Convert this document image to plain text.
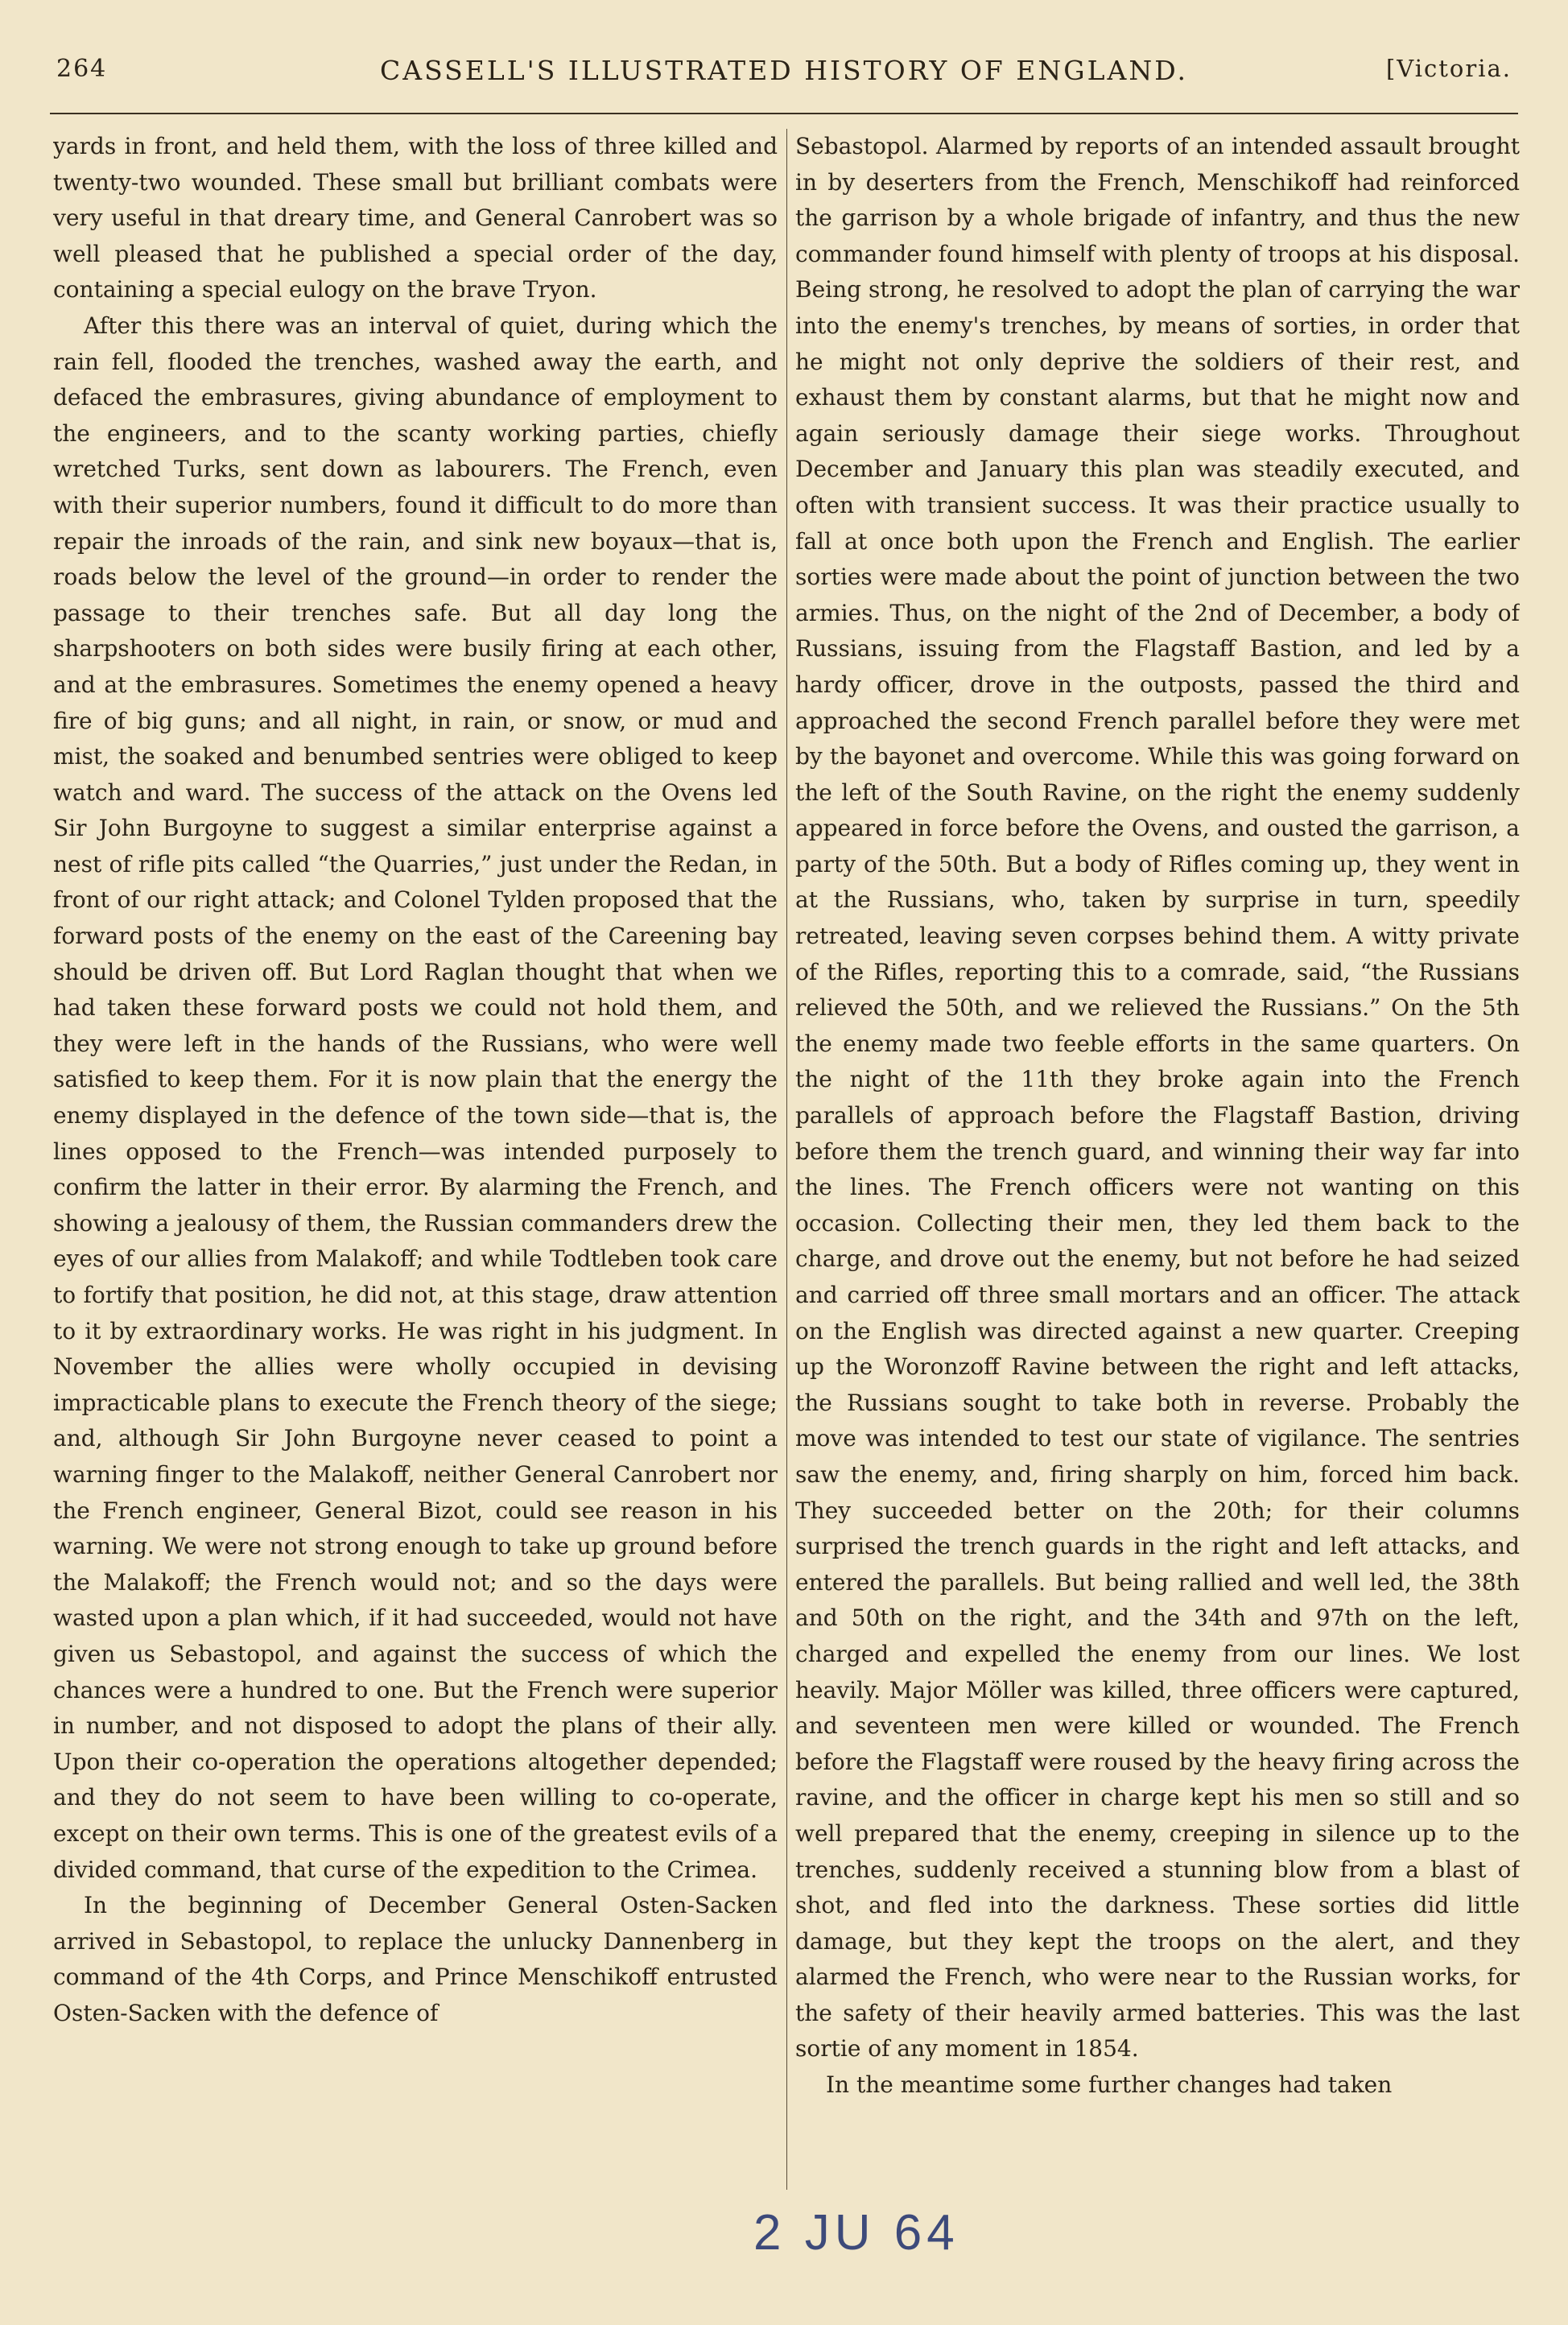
264	CASSELL'S ILLUSTRATED HISTORY OF ENGLAND.	[Victoria.

yards in front, and held them, with the loss of three killed and twenty-two wounded. These small but brilliant combats were very useful in that dreary time, and General Canrobert was so well pleased that he published a special order of the day, containing a special eulogy on the brave Tryon.

After this there was an interval of quiet, during which the rain fell, flooded the trenches, washed away the earth, and defaced the embrasures, giving abundance of employment to the engineers, and to the scanty working parties, chiefly wretched Turks, sent down as labourers. The French, even with their superior numbers, found it difficult to do more than repair the inroads of the rain, and sink new boyaux—that is, roads below the level of the ground—in order to render the passage to their trenches safe. But all day long the sharpshooters on both sides were busily firing at each other, and at the embrasures. Sometimes the enemy opened a heavy fire of big guns; and all night, in rain, or snow, or mud and mist, the soaked and benumbed sentries were obliged to keep watch and ward. The success of the attack on the Ovens led Sir John Burgoyne to suggest a similar enterprise against a nest of rifle pits called “the Quarries,” just under the Redan, in front of our right attack; and Colonel Tylden proposed that the forward posts of the enemy on the east of the Careening bay should be driven off. But Lord Raglan thought that when we had taken these forward posts we could not hold them, and they were left in the hands of the Russians, who were well satisfied to keep them. For it is now plain that the energy the enemy displayed in the defence of the town side—that is, the lines opposed to the French—was intended purposely to confirm the latter in their error. By alarming the French, and showing a jealousy of them, the Russian commanders drew the eyes of our allies from Malakoff; and while Todtleben took care to fortify that position, he did not, at this stage, draw attention to it by extraordinary works. He was right in his judgment. In November the allies were wholly occupied in devising impracticable plans to execute the French theory of the siege; and, although Sir John Burgoyne never ceased to point a warning finger to the Malakoff, neither General Canrobert nor the French engineer, General Bizot, could see reason in his warning. We were not strong enough to take up ground before the Malakoff; the French would not; and so the days were wasted upon a plan which, if it had succeeded, would not have given us Sebastopol, and against the success of which the chances were a hundred to one. But the French were superior in number, and not disposed to adopt the plans of their ally. Upon their co-operation the operations altogether depended; and they do not seem to have been willing to co-operate, except on their own terms. This is one of the greatest evils of a divided command, that curse of the expedition to the Crimea.

In the beginning of December General Osten-Sacken arrived in Sebastopol, to replace the unlucky Dannenberg in command of the 4th Corps, and Prince Menschikoff entrusted Osten-Sacken with the defence of

Sebastopol. Alarmed by reports of an intended assault brought in by deserters from the French, Menschikoff had reinforced the garrison by a whole brigade of infantry, and thus the new commander found himself with plenty of troops at his disposal. Being strong, he resolved to adopt the plan of carrying the war into the enemy's trenches, by means of sorties, in order that he might not only deprive the soldiers of their rest, and exhaust them by constant alarms, but that he might now and again seriously damage their siege works. Throughout December and January this plan was steadily executed, and often with transient success. It was their practice usually to fall at once both upon the French and English. The earlier sorties were made about the point of junction between the two armies. Thus, on the night of the 2nd of December, a body of Russians, issuing from the Flagstaff Bastion, and led by a hardy officer, drove in the outposts, passed the third and approached the second French parallel before they were met by the bayonet and overcome. While this was going forward on the left of the South Ravine, on the right the enemy suddenly appeared in force before the Ovens, and ousted the garrison, a party of the 50th. But a body of Rifles coming up, they went in at the Russians, who, taken by surprise in turn, speedily retreated, leaving seven corpses behind them. A witty private of the Rifles, reporting this to a comrade, said, “the Russians relieved the 50th, and we relieved the Russians.” On the 5th the enemy made two feeble efforts in the same quarters. On the night of the 11th they broke again into the French parallels of approach before the Flagstaff Bastion, driving before them the trench guard, and winning their way far into the lines. The French officers were not wanting on this occasion. Collecting their men, they led them back to the charge, and drove out the enemy, but not before he had seized and carried off three small mortars and an officer. The attack on the English was directed against a new quarter. Creeping up the Woronzoff Ravine between the right and left attacks, the Russians sought to take both in reverse. Probably the move was intended to test our state of vigilance. The sentries saw the enemy, and, firing sharply on him, forced him back. They succeeded better on the 20th; for their columns surprised the trench guards in the right and left attacks, and entered the parallels. But being rallied and well led, the 38th and 50th on the right, and the 34th and 97th on the left, charged and expelled the enemy from our lines. We lost heavily. Major Möller was killed, three officers were captured, and seventeen men were killed or wounded. The French before the Flagstaff were roused by the heavy firing across the ravine, and the officer in charge kept his men so still and so well prepared that the enemy, creeping in silence up to the trenches, suddenly received a stunning blow from a blast of shot, and fled into the darkness. These sorties did little damage, but they kept the troops on the alert, and they alarmed the French, who were near to the Russian works, for the safety of their heavily armed batteries. This was the last sortie of any moment in 1854.

In the meantime some further changes had taken

2 JU 64
